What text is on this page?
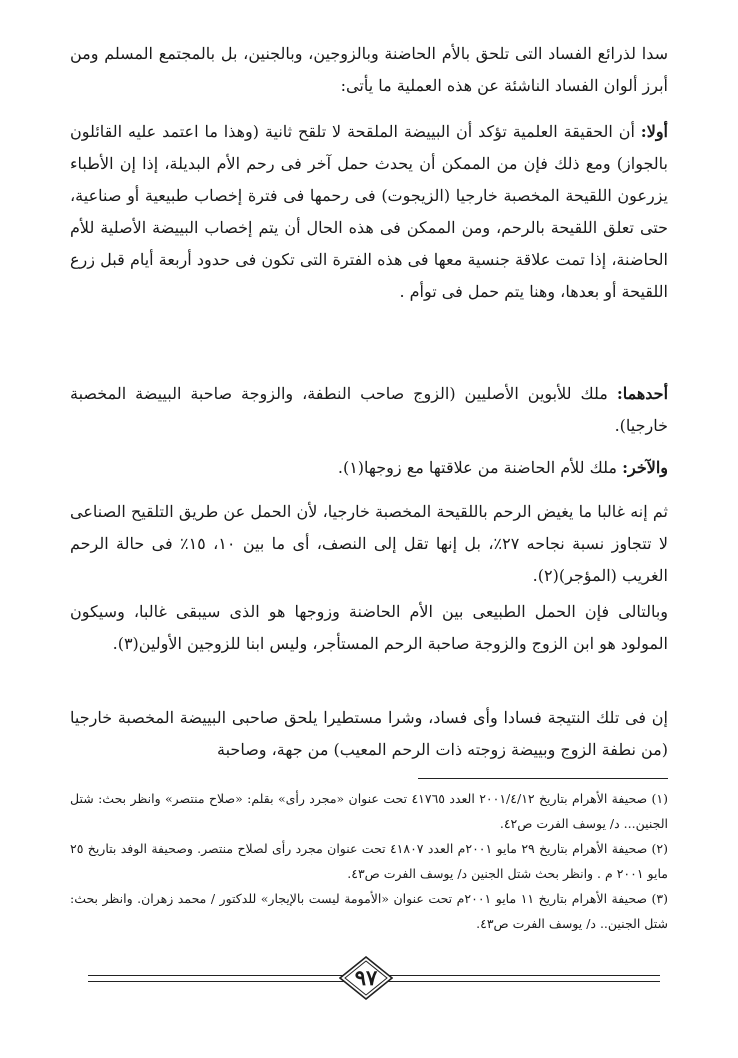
سدا لذرائع الفساد التى تلحق بالأم الحاضنة وبالزوجين، وبالجنين، بل بالمجتمع المسلم ومن أبرز ألوان الفساد الناشئة عن هذه العملية ما يأتى:

أولا: أن الحقيقة العلمية تؤكد أن البييضة الملقحة لا تلقح ثانية (وهذا ما اعتمد عليه القائلون بالجواز) ومع ذلك فإن من الممكن أن يحدث حمل آخر فى رحم الأم البديلة، إذا إن الأطباء يزرعون اللقيحة المخصبة خارجيا (الزيجوت) فى رحمها فى فترة إخصاب طبيعية أو صناعية، حتى تعلق اللقيحة بالرحم، ومن الممكن فى هذه الحال أن يتم إخصاب البييضة الأصلية للأم الحاضنة، إذا تمت علاقة جنسية معها فى هذه الفترة التى تكون فى حدود أربعة أيام قبل زرع اللقيحة أو بعدها، وهنا يتم حمل فى توأم .

أحدهما: ملك للأبوين الأصليين (الزوج صاحب النطفة، والزوجة صاحبة البييضة المخصبة خارجيا).

والآخر: ملك للأم الحاضنة من علاقتها مع زوجها(١).

ثم إنه غالبا ما يغيض الرحم باللقيحة المخصبة خارجيا، لأن الحمل عن طريق التلقيح الصناعى لا تتجاوز نسبة نجاحه ٢٧٪، بل إنها تقل إلى النصف، أى ما بين ١٠، ١٥٪ فى حالة الرحم الغريب (المؤجر)(٢).

وبالتالى فإن الحمل الطبيعى بين الأم الحاضنة وزوجها هو الذى سيبقى غالبا، وسيكون المولود هو ابن الزوج والزوجة صاحبة الرحم المستأجر، وليس ابنا للزوجين الأولين(٣).

إن فى تلك النتيجة فسادا وأى فساد، وشرا مستطيرا يلحق صاحبى البييضة المخصبة خارجيا (من نطفة الزوج وبييضة زوجته ذات الرحم المعيب) من جهة، وصاحبة

(١) صحيفة الأهرام بتاريخ ٢٠٠١/٤/١٢ العدد ٤١٧٦٥ تحت عنوان «مجرد رأى» بقلم: «صلاح منتصر» وانظر بحث: شتل الجنين... د/ يوسف الفرت ص٤٢.

(٢) صحيفة الأهرام بتاريخ ٢٩ مايو ٢٠٠١م العدد ٤١٨٠٧ تحت عنوان مجرد رأى لصلاح منتصر. وصحيفة الوفد بتاريخ ٢٥ مايو ٢٠٠١ م . وانظر بحث شتل الجنين د/ يوسف الفرت ص٤٣.

(٣) صحيفة الأهرام بتاريخ ١١ مايو ٢٠٠١م تحت عنوان «الأمومة ليست بالإيجار» للدكتور / محمد زهران. وانظر بحث: شتل الجنين.. د/ يوسف الفرت ص٤٣.

٩٧
